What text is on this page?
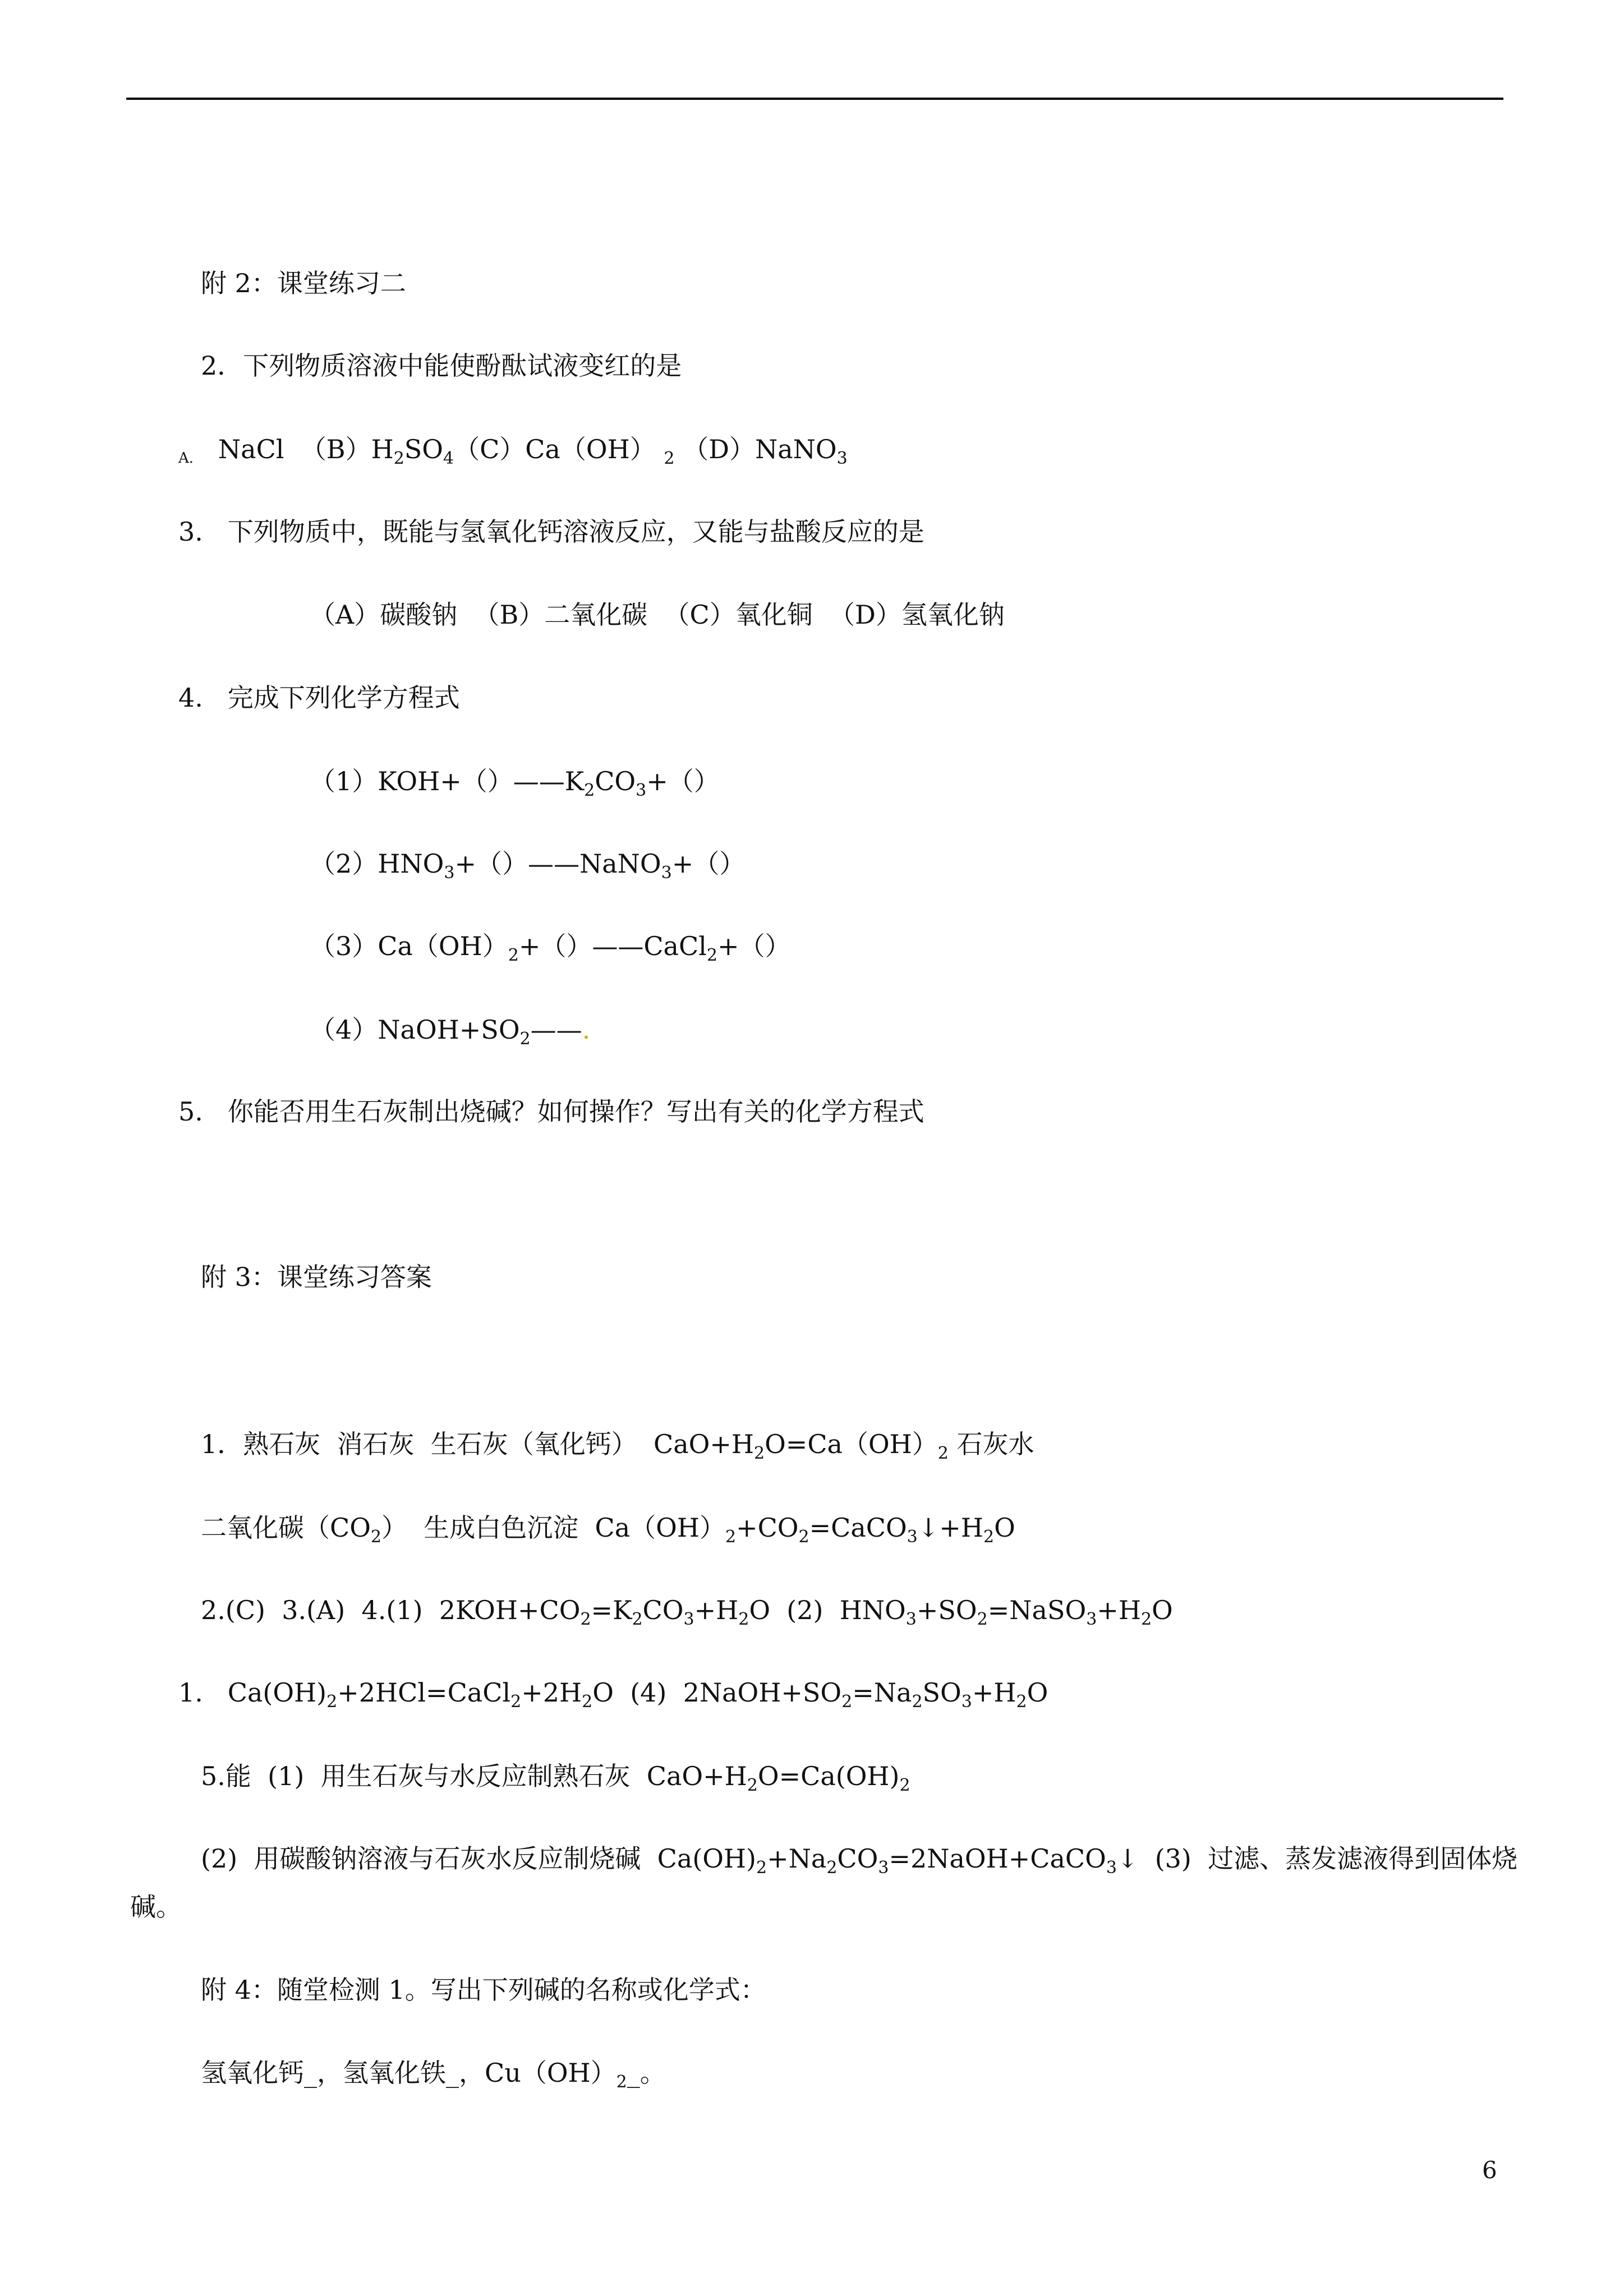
附 2：课堂练习二
2．下列物质溶液中能使酚酞试液变红的是
A. NaCl $(B)H_2SO_4(C)Ca(OH)$ $_2$ （D）NaNO$_3$
3.   下列物质中，既能与氢氧化钙溶液反应，又能与盐酸反应的是
（A）碳酸钠  （B）二氧化碳  （C）氧化铜  （D）氢氧化钠
4.   完成下列化学方程式
$(1)KOH+()——K_2CO_3+()$
$(2)HNO_3+()——NaNO_3+()$
$(3)Ca(OH)_2+()——CaCl_2+()$
$(4)NaOH+SO_2——$.
5.   你能否用生石灰制出烧碱？如何操作？写出有关的化学方程式
附 3：课堂练习答案
1．熟石灰  消石灰  生石灰（氧化钙）  $CaO+H_2O=Ca(OH)_2$ 石灰水
二氧化碳$(CO_2)$  生成白色沉淀  $Ca(OH)_2+CO_2=CaCO_3↓+H_2O$
2.(C)  3.(A)  4.(1)  $2KOH+CO_2=K_2CO_3+H_2O$  (2)  $HNO_3+SO_2=NaSO_3+H_2O$
1.   $Ca(OH)_2+2HCl=CaCl_2+2H_2O$  (4)  $2NaOH+SO_2=Na_2SO_3+H_2O$
5.能  (1)  用生石灰与水反应制熟石灰  $CaO+H_2O=Ca(OH)_2$
(2)  用碳酸钠溶液与石灰水反应制烧碱  $Ca(OH)_2+Na_2CO_3=2NaOH+CaCO_3↓$  (3)  过滤、蒸发滤液得到固体烧
碱。
附 4：随堂检测 1。写出下列碱的名称或化学式：
氢氧化钙_，氢氧化铁_，$Cu(OH)_2\_$。
6
